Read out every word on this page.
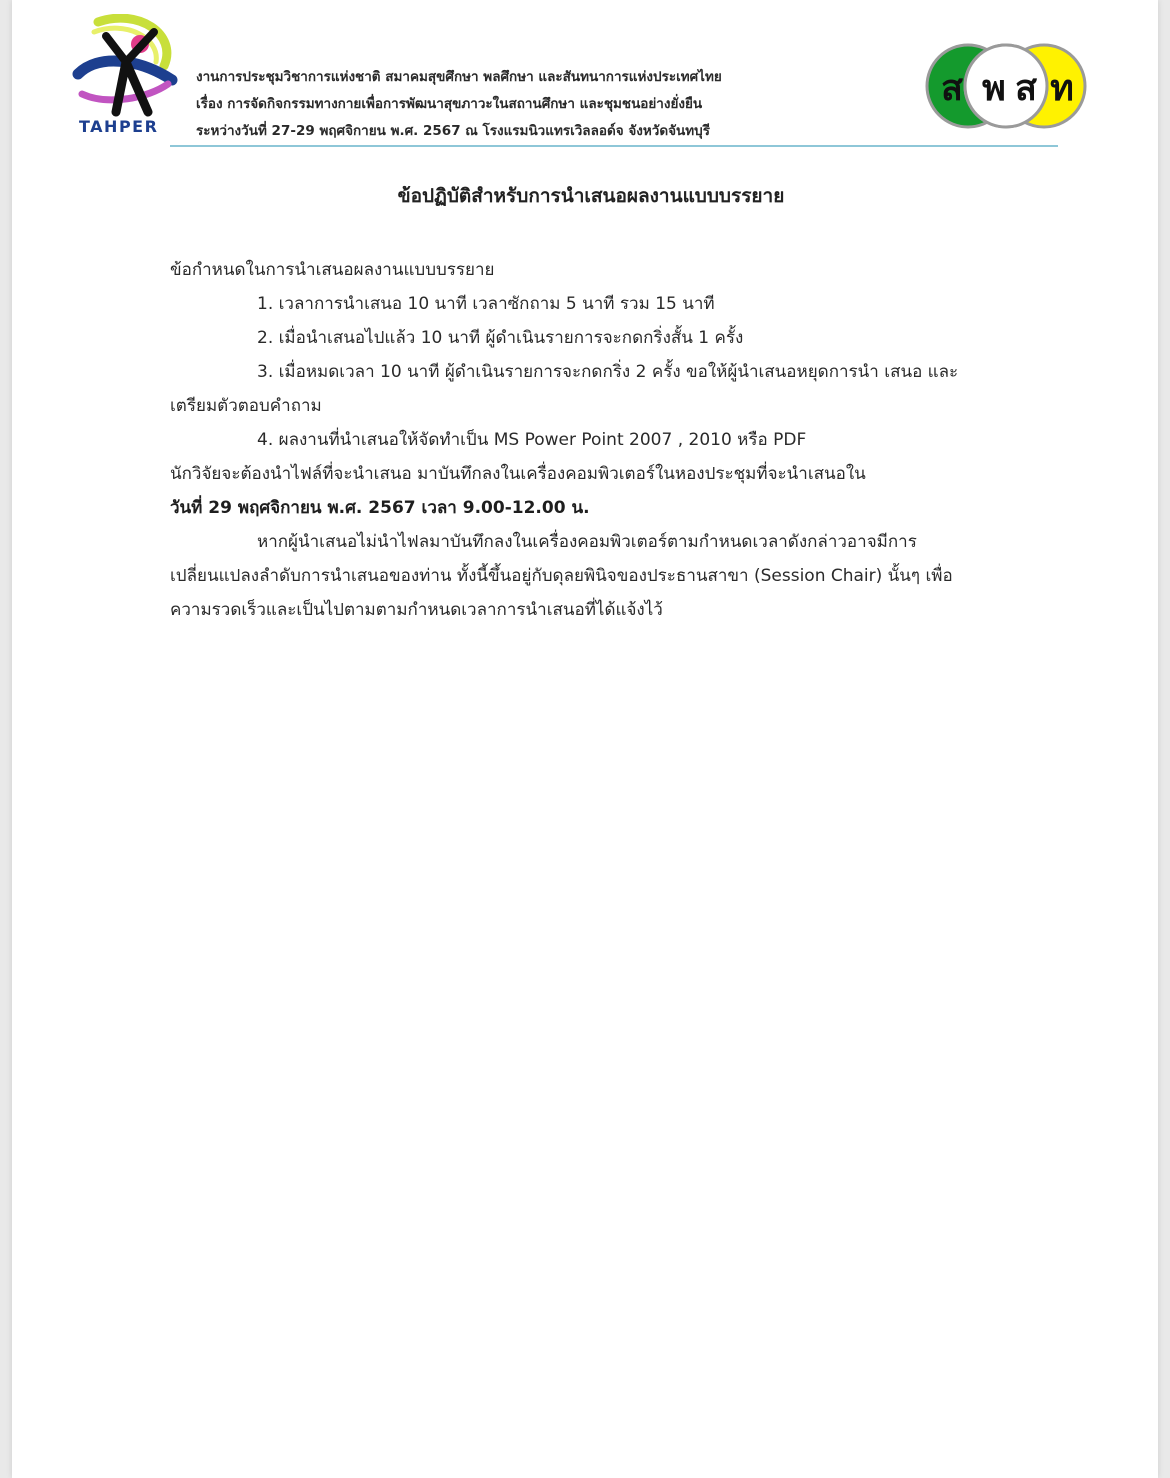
TAHPER
งานการประชุมวิชาการแห่งชาติ สมาคมสุขศึกษา พลศึกษา และสันทนาการแห่งประเทศไทย
เรื่อง การจัดกิจกรรมทางกายเพื่อการพัฒนาสุขภาวะในสถานศึกษา และชุมชนอย่างยั่งยืน
ระหว่างวันที่ 27-29 พฤศจิกายน พ.ศ. 2567 ณ โรงแรมนิวแทรเวิลลอด์จ จังหวัดจันทบุรี
ส พ ส ท
ข้อปฏิบัติสำหรับการนำเสนอผลงานแบบบรรยาย
ข้อกำหนดในการนำเสนอผลงานแบบบรรยาย
1. เวลาการนำเสนอ 10 นาที เวลาซักถาม 5 นาที รวม 15 นาที
2. เมื่อนำเสนอไปแล้ว 10 นาที ผู้ดำเนินรายการจะกดกริ่งสั้น 1 ครั้ง
3. เมื่อหมดเวลา 10 นาที ผู้ดำเนินรายการจะกดกริ่ง 2 ครั้ง ขอให้ผู้นำเสนอหยุดการนำ เสนอ และ
เตรียมตัวตอบคำถาม
4. ผลงานที่นำเสนอให้จัดทำเป็น MS Power Point 2007 , 2010 หรือ PDF
นักวิจัยจะต้องนำไฟล์ที่จะนำเสนอ มาบันทึกลงในเครื่องคอมพิวเตอร์ในหองประชุมที่จะนำเสนอใน
วันที่ 29 พฤศจิกายน พ.ศ. 2567 เวลา 9.00-12.00 น.
หากผู้นำเสนอไม่นำไฟลมาบันทึกลงในเครื่องคอมพิวเตอร์ตามกำหนดเวลาดังกล่าวอาจมีการ
เปลี่ยนแปลงลำดับการนำเสนอของท่าน ทั้งนี้ขึ้นอยู่กับดุลยพินิจของประธานสาขา (Session Chair) นั้นๆ เพื่อ
ความรวดเร็วและเป็นไปตามตามกำหนดเวลาการนำเสนอที่ได้แจ้งไว้
